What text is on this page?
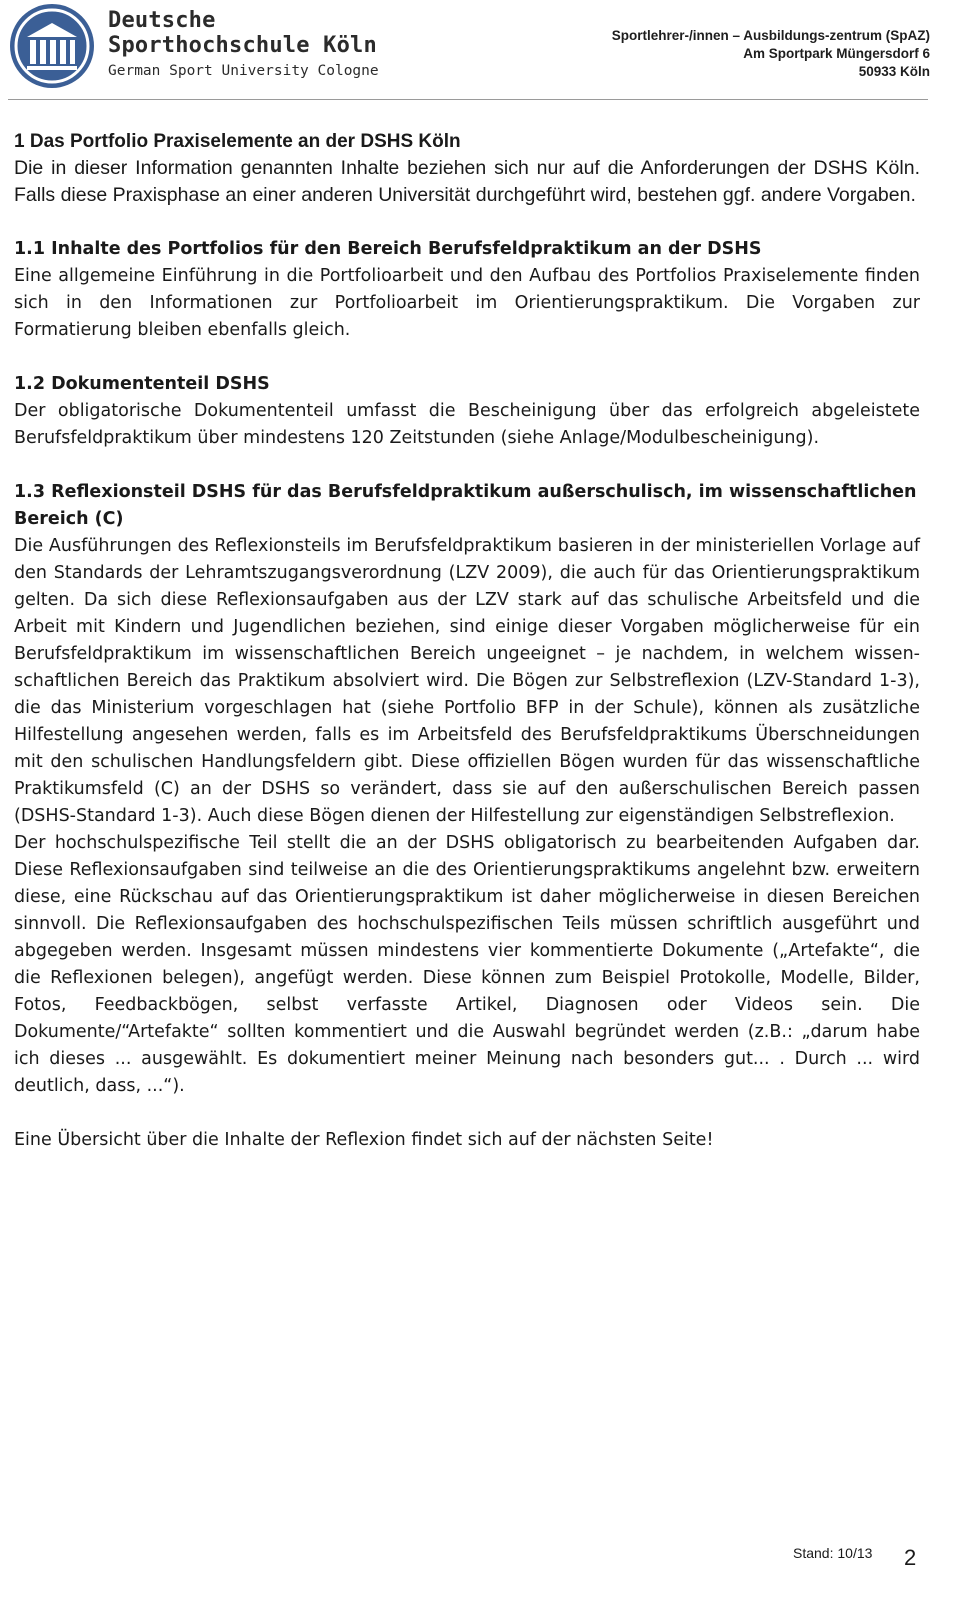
Deutsche
Sporthochschule Köln
German Sport University Cologne
Sportlehrer-/innen – Ausbildungs-zentrum (SpAZ)
Am Sportpark Müngersdorf 6
50933 Köln

1 Das Portfolio Praxiselemente an der DSHS Köln

Die in dieser Information genannten Inhalte beziehen sich nur auf die Anforderungen der DSHS Köln. Falls diese Praxisphase an einer anderen Universität durchgeführt wird, bestehen ggf. andere Vorgaben.

1.1 Inhalte des Portfolios für den Bereich Berufsfeldpraktikum an der DSHS

Eine allgemeine Einführung in die Portfolioarbeit und den Aufbau des Portfolios Praxiselemente finden sich in den Informationen zur Portfolioarbeit im Orientierungspraktikum. Die Vorgaben zur Formatierung bleiben ebenfalls gleich.

1.2 Dokumententeil DSHS

Der obligatorische Dokumententeil umfasst die Bescheinigung über das erfolgreich abgeleistete Berufsfeldpraktikum über mindestens 120 Zeitstunden (siehe Anlage/Modulbescheinigung).

1.3 Reflexionsteil DSHS für das Berufsfeldpraktikum außerschulisch, im wissenschaftlichen Bereich (C)

Die Ausführungen des Reflexionsteils im Berufsfeldpraktikum basieren in der ministeriellen Vorlage auf den Standards der Lehramtszugangsverordnung (LZV 2009), die auch für das Orientierungspraktikum gelten. Da sich diese Reflexionsaufgaben aus der LZV stark auf das schulische Arbeitsfeld und die Arbeit mit Kindern und Jugendlichen beziehen, sind einige dieser Vorgaben möglicherweise für ein Berufsfeldpraktikum im wissenschaftlichen Bereich ungeeignet – je nachdem, in welchem wissenschaftlichen Bereich das Praktikum absolviert wird. Die Bögen zur Selbstreflexion (LZV-Standard 1-3), die das Ministerium vorgeschlagen hat (siehe Portfolio BFP in der Schule), können als zusätzliche Hilfestellung angesehen werden, falls es im Arbeitsfeld des Berufsfeldpraktikums Überschneidungen mit den schulischen Handlungsfeldern gibt. Diese offiziellen Bögen wurden für das wissenschaftliche Praktikumsfeld (C) an der DSHS so verändert, dass sie auf den außerschulischen Bereich passen (DSHS-Standard 1-3). Auch diese Bögen dienen der Hilfestellung zur eigenständigen Selbstreflexion.

Der hochschulspezifische Teil stellt die an der DSHS obligatorisch zu bearbeitenden Aufgaben dar. Diese Reflexionsaufgaben sind teilweise an die des Orientierungspraktikums angelehnt bzw. erweitern diese, eine Rückschau auf das Orientierungspraktikum ist daher möglicherweise in diesen Bereichen sinnvoll. Die Reflexionsaufgaben des hochschulspezifischen Teils müssen schriftlich ausgeführt und abgegeben werden. Insgesamt müssen mindestens vier kommentierte Dokumente („Artefakte“, die die Reflexionen belegen), angefügt werden. Diese können zum Beispiel Protokolle, Modelle, Bilder, Fotos, Feedbackbögen, selbst verfasste Artikel, Diagnosen oder Videos sein. Die Dokumente/“Artefakte“ sollten kommentiert und die Auswahl begründet werden (z.B.: „darum habe ich dieses ... ausgewählt. Es dokumentiert meiner Meinung nach besonders gut... . Durch ... wird deutlich, dass, ...“).

Eine Übersicht über die Inhalte der Reflexion findet sich auf der nächsten Seite!

Stand: 10/13 2
